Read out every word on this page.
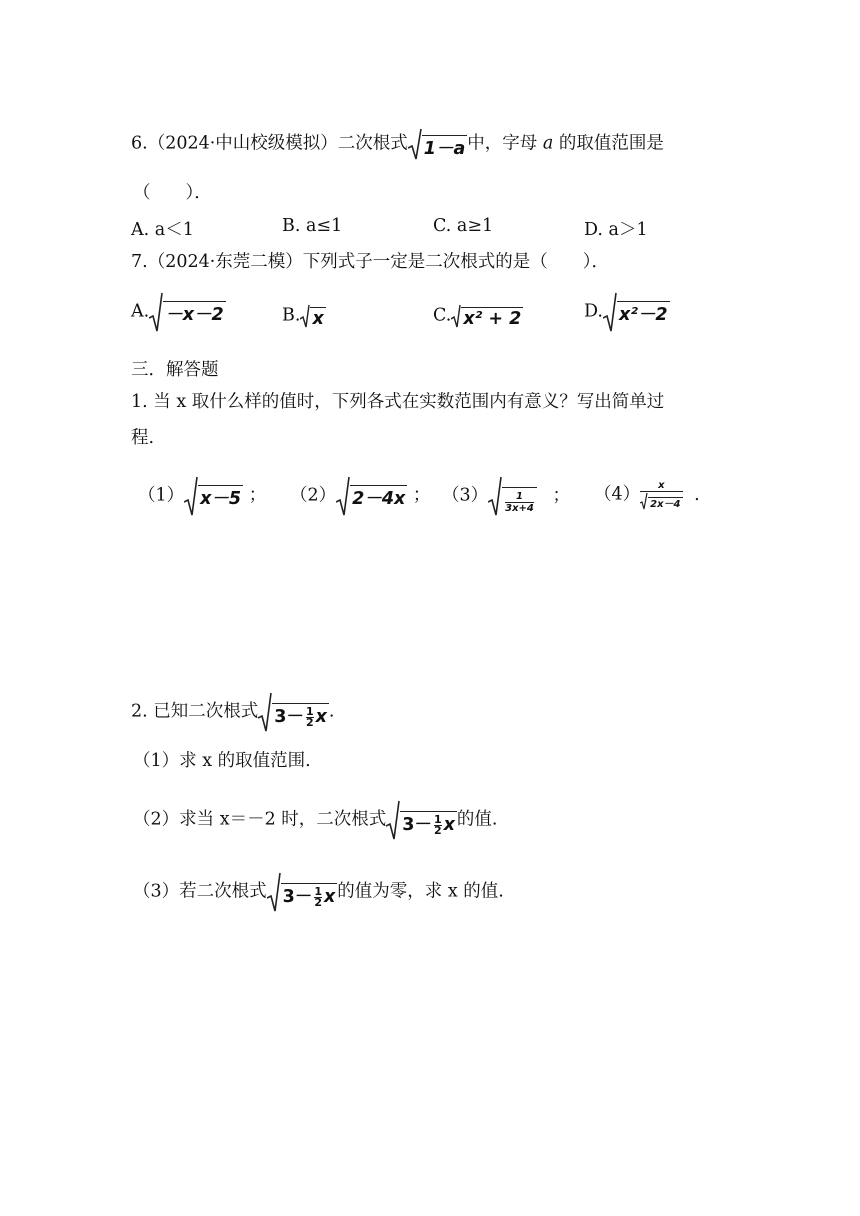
6.（2024·中山校级模拟）二次根式 1－a 中，字母 a 的取值范围是
（　　）．
A. a＜1	B. a≤1	C. a≥1	D. a＞1
7.（2024·东莞二模）下列式子一定是二次根式的是（　　）．
A. －x－2	B. x	C. x² + 2	D. x²－2
三．解答题
1. 当 x 取什么样的值时，下列各式在实数范围内有意义？写出简单过
程.
（1） x－5 ； （2） 2－4x ； $(3) \frac{1}{3x+4}$ ； $(4) \frac{x}{2x-4}$ .
2. 已知二次根式 $3- \frac{1}{2}$ x .
（1）求 x 的取值范围.
（2）求当 x＝－2 时，二次根式 $3- \frac{1}{2}$ x 的值.
（3）若二次根式 $3- \frac{1}{2}$ x 的值为零，求 x 的值.
